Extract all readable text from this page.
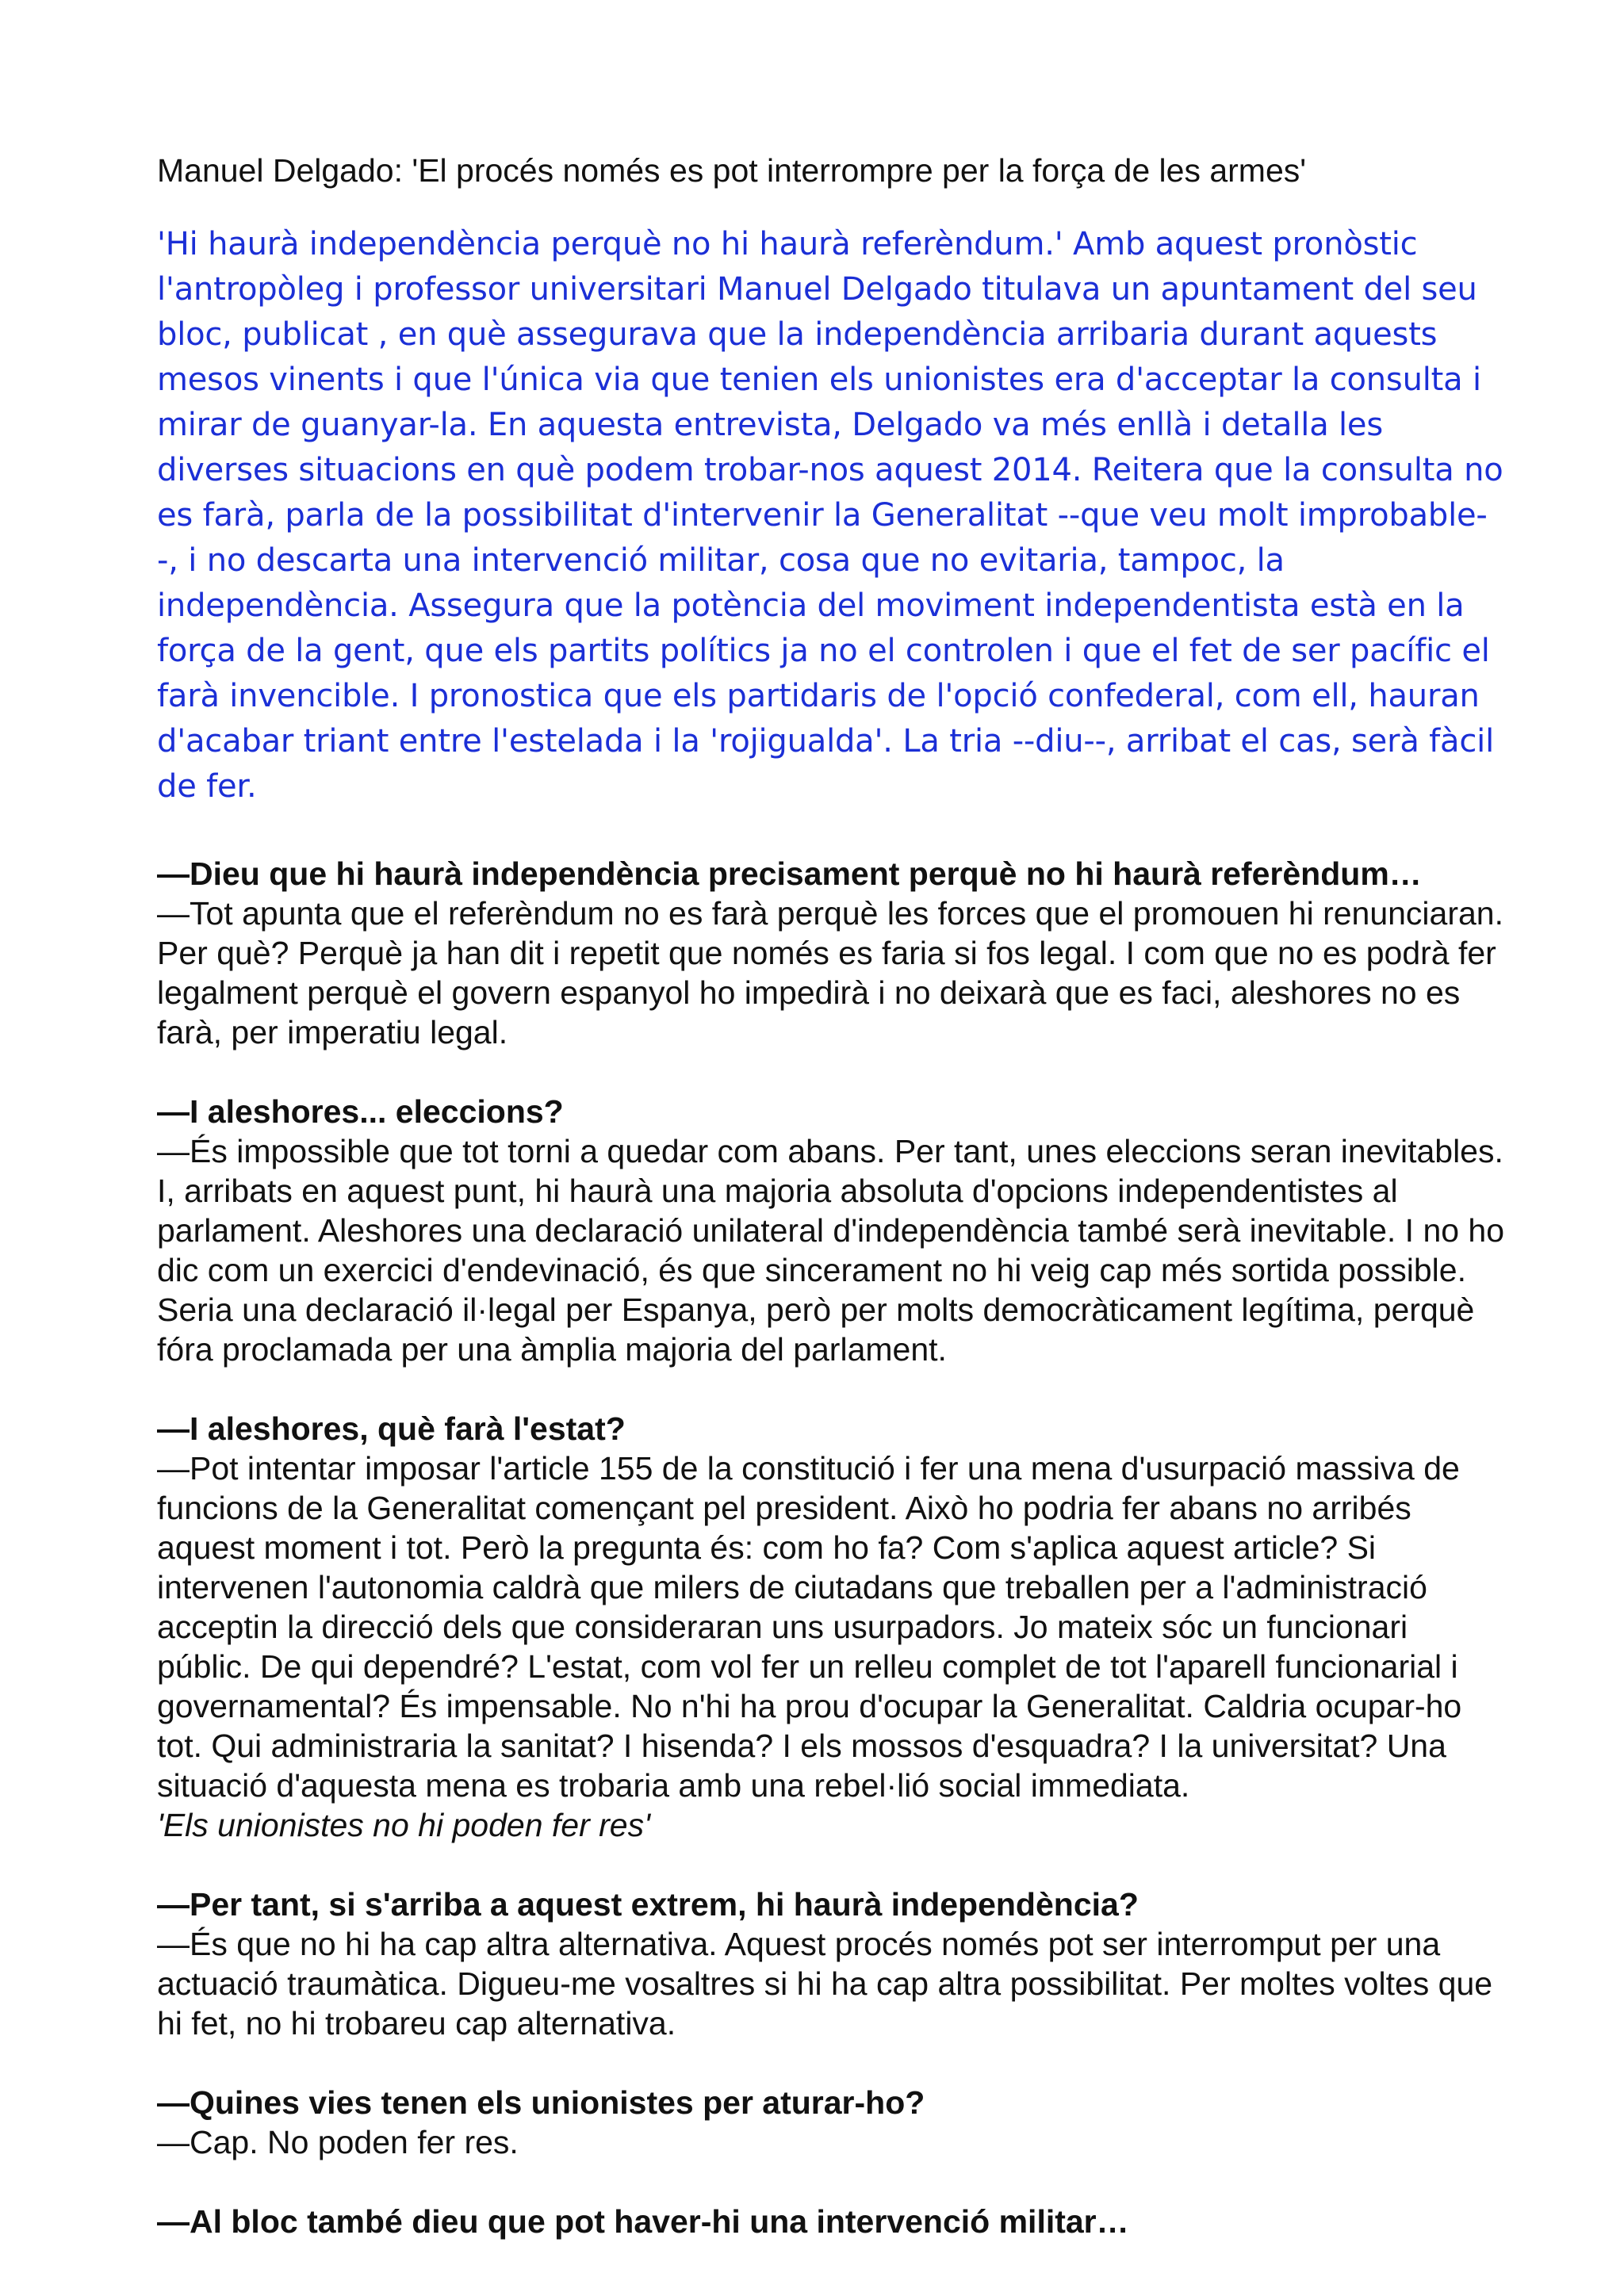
Manuel Delgado: 'El procés només es pot interrompre per la força de les armes'

'Hi haurà independència perquè no hi haurà referèndum.' Amb aquest pronòstic l'antropòleg i professor universitari Manuel Delgado titulava un apuntament del seu bloc, publicat , en què assegurava que la independència arribaria durant aquests mesos vinents i que l'única via que tenien els unionistes era d'acceptar la consulta i mirar de guanyar-la. En aquesta entrevista, Delgado va més enllà i detalla les diverses situacions en què podem trobar-nos aquest 2014. Reitera que la consulta no es farà, parla de la possibilitat d'intervenir la Generalitat --que veu molt improbable--, i no descarta una intervenció militar, cosa que no evitaria, tampoc, la independència. Assegura que la potència del moviment independentista està en la força de la gent, que els partits polítics ja no el controlen i que el fet de ser pacífic el farà invencible. I pronostica que els partidaris de l'opció confederal, com ell, hauran d'acabar triant entre l'estelada i la 'rojigualda'. La tria --diu--, arribat el cas, serà fàcil de fer.

—Dieu que hi haurà independència precisament perquè no hi haurà referèndum…

—Tot apunta que el referèndum no es farà perquè les forces que el promouen hi renunciaran. Per què? Perquè ja han dit i repetit que només es faria si fos legal. I com que no es podrà fer legalment perquè el govern espanyol ho impedirà i no deixarà que es faci, aleshores no es farà, per imperatiu legal.

—I aleshores... eleccions?

—És impossible que tot torni a quedar com abans. Per tant, unes eleccions seran inevitables. I, arribats en aquest punt, hi haurà una majoria absoluta d'opcions independentistes al parlament. Aleshores una declaració unilateral d'independència també serà inevitable. I no ho dic com un exercici d'endevinació, és que sincerament no hi veig cap més sortida possible. Seria una declaració il·legal per Espanya, però per molts democràticament legítima, perquè fóra proclamada per una àmplia majoria del parlament.

—I aleshores, què farà l'estat?

—Pot intentar imposar l'article 155 de la constitució i fer una mena d'usurpació massiva de funcions de la Generalitat començant pel president. Això ho podria fer abans no arribés aquest moment i tot. Però la pregunta és: com ho fa? Com s'aplica aquest article? Si intervenen l'autonomia caldrà que milers de ciutadans que treballen per a l'administració acceptin la direcció dels que consideraran uns usurpadors. Jo mateix sóc un funcionari públic. De qui dependré? L'estat, com vol fer un relleu complet de tot l'aparell funcionarial i governamental? És impensable. No n'hi ha prou d'ocupar la Generalitat. Caldria ocupar-ho tot. Qui administraria la sanitat? I hisenda? I els mossos d'esquadra? I la universitat? Una situació d'aquesta mena es trobaria amb una rebel·lió social immediata.

'Els unionistes no hi poden fer res'

—Per tant, si s'arriba a aquest extrem, hi haurà independència?

—És que no hi ha cap altra alternativa. Aquest procés només pot ser interromput per una actuació traumàtica. Digueu-me vosaltres si hi ha cap altra possibilitat. Per moltes voltes que hi fet, no hi trobareu cap alternativa.

—Quines vies tenen els unionistes per aturar-ho?

—Cap. No poden fer res.

—Al bloc també dieu que pot haver-hi una intervenció militar…
